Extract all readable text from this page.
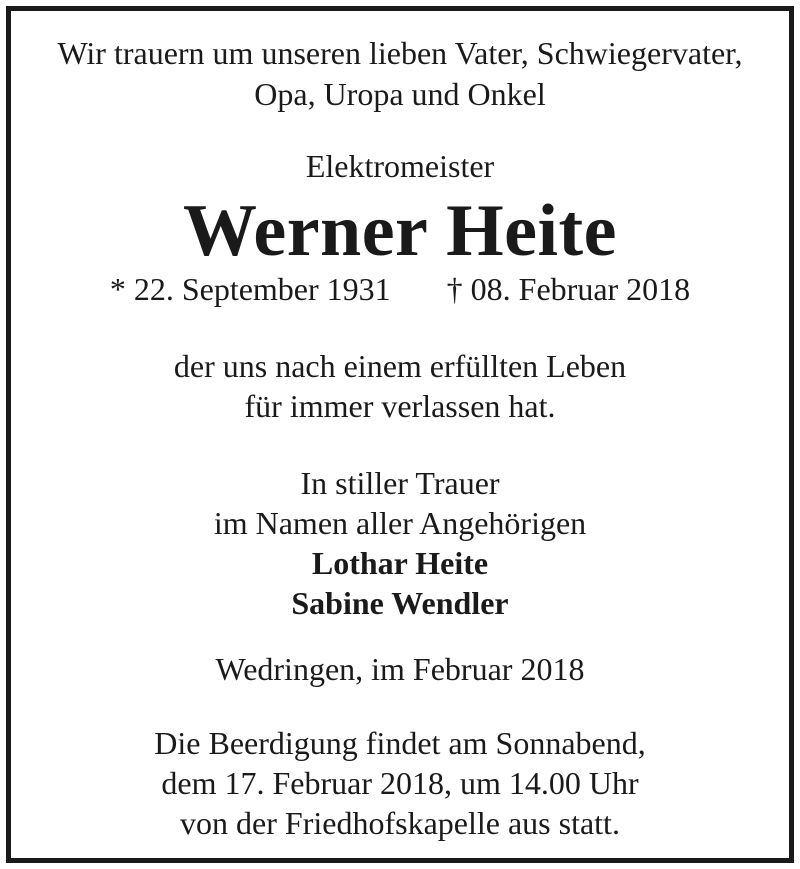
Wir trauern um unseren lieben Vater, Schwiegervater,
Opa, Uropa und Onkel
Elektromeister
Werner Heite
* 22. September 1931 † 08. Februar 2018
der uns nach einem erfüllten Leben
für immer verlassen hat.
In stiller Trauer
im Namen aller Angehörigen
Lothar Heite
Sabine Wendler
Wedringen, im Februar 2018
Die Beerdigung findet am Sonnabend,
dem 17. Februar 2018, um 14.00 Uhr
von der Friedhofskapelle aus statt.
